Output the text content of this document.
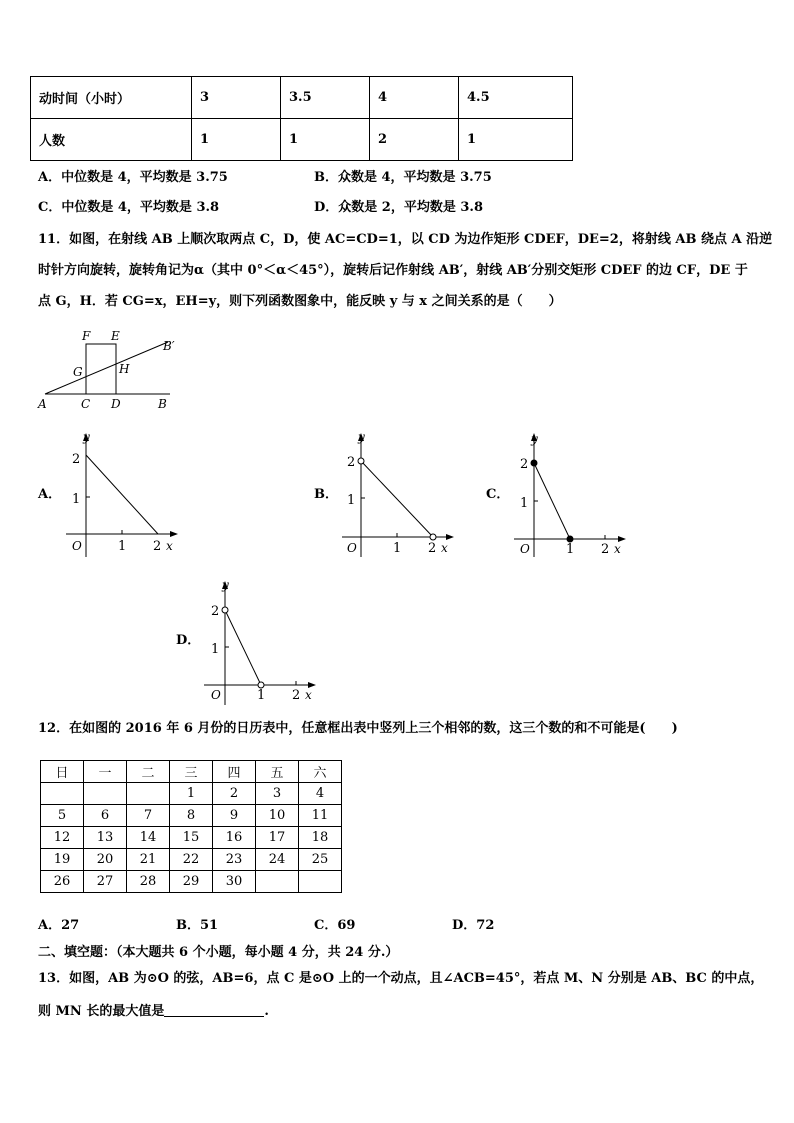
动时间（小时）	3	3.5	4	4.5
人数	1	1	2	1
A．中位数是 4，平均数是 3.75	B．众数是 4，平均数是 3.75
C．中位数是 4，平均数是 3.8	D．众数是 2，平均数是 3.8
11．如图，在射线 AB 上顺次取两点 C，D，使 AC=CD=1，以 CD 为边作矩形 CDEF，DE=2，将射线 AB 绕点 A 沿逆
时针方向旋转，旋转角记为α（其中 0°＜α＜45°），旋转后记作射线 AB′，射线 AB′分别交矩形 CDEF 的边 CF，DE 于
点 G，H．若 CG=x，EH=y，则下列函数图象中，能反映 y 与 x 之间关系的是（　　）
F E
B′
G	H
A	C D	B
A．
y
2
1
O	1 2 x
B．
y
2
1
O	1 2 x
C．
y
2
1
O	1 2 x
D．
y
2
1
O	1 2 x
12．在如图的 2016 年 6 月份的日历表中，任意框出表中竖列上三个相邻的数，这三个数的和不可能是(　　)
日	一	二	三	四	五	六
			1	2	3	4
5	6	7	8	9	10	11
12	13	14	15	16	17	18
19	20	21	22	23	24	25
26	27	28	29	30		
A．27	B．51	C．69	D．72
二、填空题：（本大题共 6 个小题，每小题 4 分，共 24 分.）
13．如图，AB 为⊙O 的弦，AB=6，点 C 是⊙O 上的一个动点，且∠ACB=45°，若点 M、N 分别是 AB、BC 的中点，
则 MN 长的最大值是	.
